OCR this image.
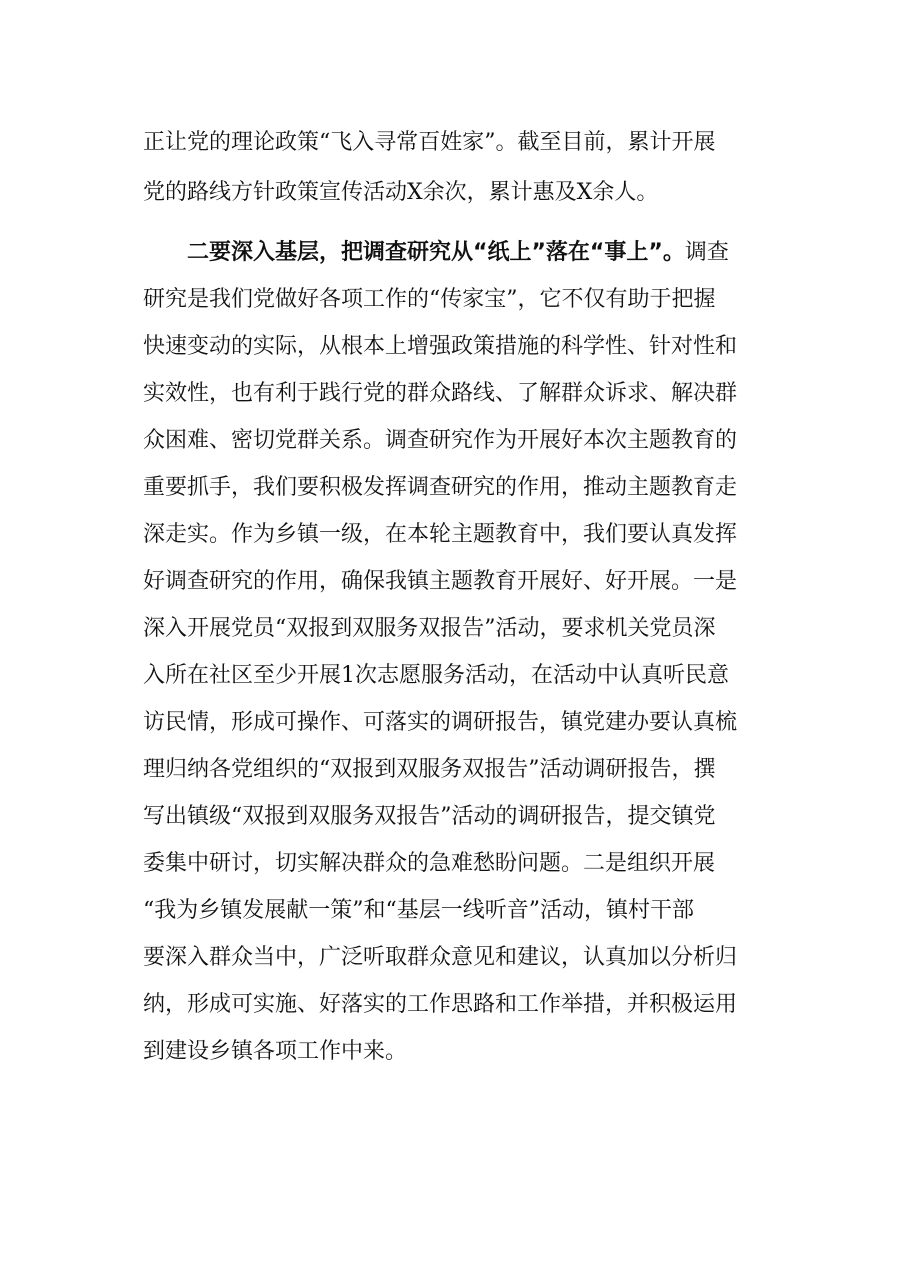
正让党的理论政策“飞入寻常百姓家”。截至目前，累计开展

党的路线方针政策宣传活动X余次，累计惠及X余人。

二要深入基层，把调查研究从“纸上”落在“事上”。调查

研究是我们党做好各项工作的“传家宝”，它不仅有助于把握

快速变动的实际，从根本上增强政策措施的科学性、针对性和

实效性，也有利于践行党的群众路线、了解群众诉求、解决群

众困难、密切党群关系。调查研究作为开展好本次主题教育的

重要抓手，我们要积极发挥调查研究的作用，推动主题教育走

深走实。作为乡镇一级，在本轮主题教育中，我们要认真发挥

好调查研究的作用，确保我镇主题教育开展好、好开展。一是

深入开展党员“双报到双服务双报告”活动，要求机关党员深

入所在社区至少开展1次志愿服务活动，在活动中认真听民意

访民情，形成可操作、可落实的调研报告，镇党建办要认真梳

理归纳各党组织的“双报到双服务双报告”活动调研报告，撰

写出镇级“双报到双服务双报告”活动的调研报告，提交镇党

委集中研讨，切实解决群众的急难愁盼问题。二是组织开展

“我为乡镇发展献一策”和“基层一线听音”活动，镇村干部

要深入群众当中，广泛听取群众意见和建议，认真加以分析归

纳，形成可实施、好落实的工作思路和工作举措，并积极运用

到建设乡镇各项工作中来。
